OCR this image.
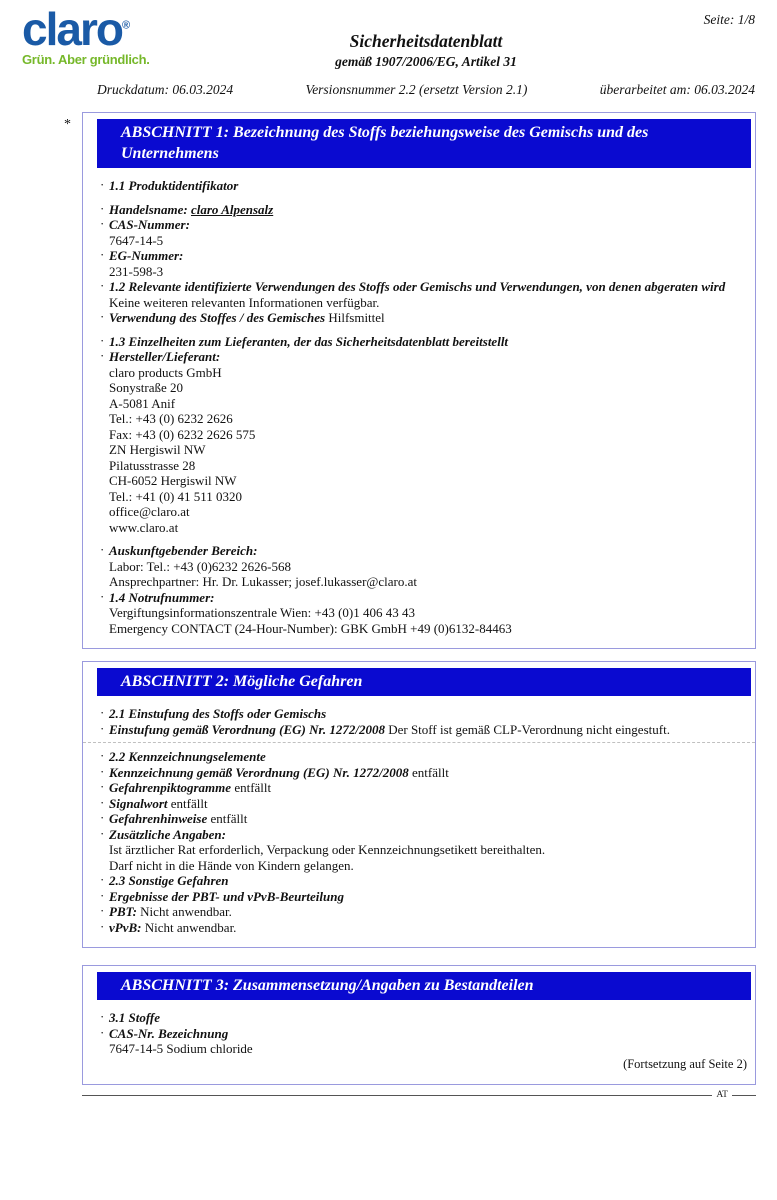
claro®
Grün. Aber gründlich.
Seite: 1/8
Sicherheitsdatenblatt
gemäß 1907/2006/EG, Artikel 31
Druckdatum: 06.03.2024	Versionsnummer 2.2 (ersetzt Version 2.1)	überarbeitet am: 06.03.2024
*	ABSCHNITT 1: Bezeichnung des Stoffs beziehungsweise des Gemischs und des Unternehmens
· 1.1 Produktidentifikator
· Handelsname: claro Alpensalz
· CAS-Nummer:
7647-14-5
· EG-Nummer:
231-598-3
· 1.2 Relevante identifizierte Verwendungen des Stoffs oder Gemischs und Verwendungen, von denen abgeraten wird
Keine weiteren relevanten Informationen verfügbar.
· Verwendung des Stoffes / des Gemisches Hilfsmittel
· 1.3 Einzelheiten zum Lieferanten, der das Sicherheitsdatenblatt bereitstellt
· Hersteller/Lieferant:
claro products GmbH
Sonystraße 20
A-5081 Anif
Tel.: +43 (0) 6232 2626
Fax: +43 (0) 6232 2626 575
ZN Hergiswil NW
Pilatusstrasse 28
CH-6052 Hergiswil NW
Tel.: +41 (0) 41 511 0320
office@claro.at
www.claro.at
· Auskunftgebender Bereich:
Labor: Tel.: +43 (0)6232 2626-568
Ansprechpartner: Hr. Dr. Lukasser; josef.lukasser@claro.at
· 1.4 Notrufnummer:
Vergiftungsinformationszentrale Wien: +43 (0)1 406 43 43
Emergency CONTACT (24-Hour-Number): GBK GmbH +49 (0)6132-84463
ABSCHNITT 2: Mögliche Gefahren
· 2.1 Einstufung des Stoffs oder Gemischs
· Einstufung gemäß Verordnung (EG) Nr. 1272/2008 Der Stoff ist gemäß CLP-Verordnung nicht eingestuft.
· 2.2 Kennzeichnungselemente
· Kennzeichnung gemäß Verordnung (EG) Nr. 1272/2008 entfällt
· Gefahrenpiktogramme entfällt
· Signalwort entfällt
· Gefahrenhinweise entfällt
· Zusätzliche Angaben:
Ist ärztlicher Rat erforderlich, Verpackung oder Kennzeichnungsetikett bereithalten.
Darf nicht in die Hände von Kindern gelangen.
· 2.3 Sonstige Gefahren
· Ergebnisse der PBT- und vPvB-Beurteilung
· PBT: Nicht anwendbar.
· vPvB: Nicht anwendbar.
ABSCHNITT 3: Zusammensetzung/Angaben zu Bestandteilen
· 3.1 Stoffe
· CAS-Nr. Bezeichnung
7647-14-5 Sodium chloride
(Fortsetzung auf Seite 2)
AT
